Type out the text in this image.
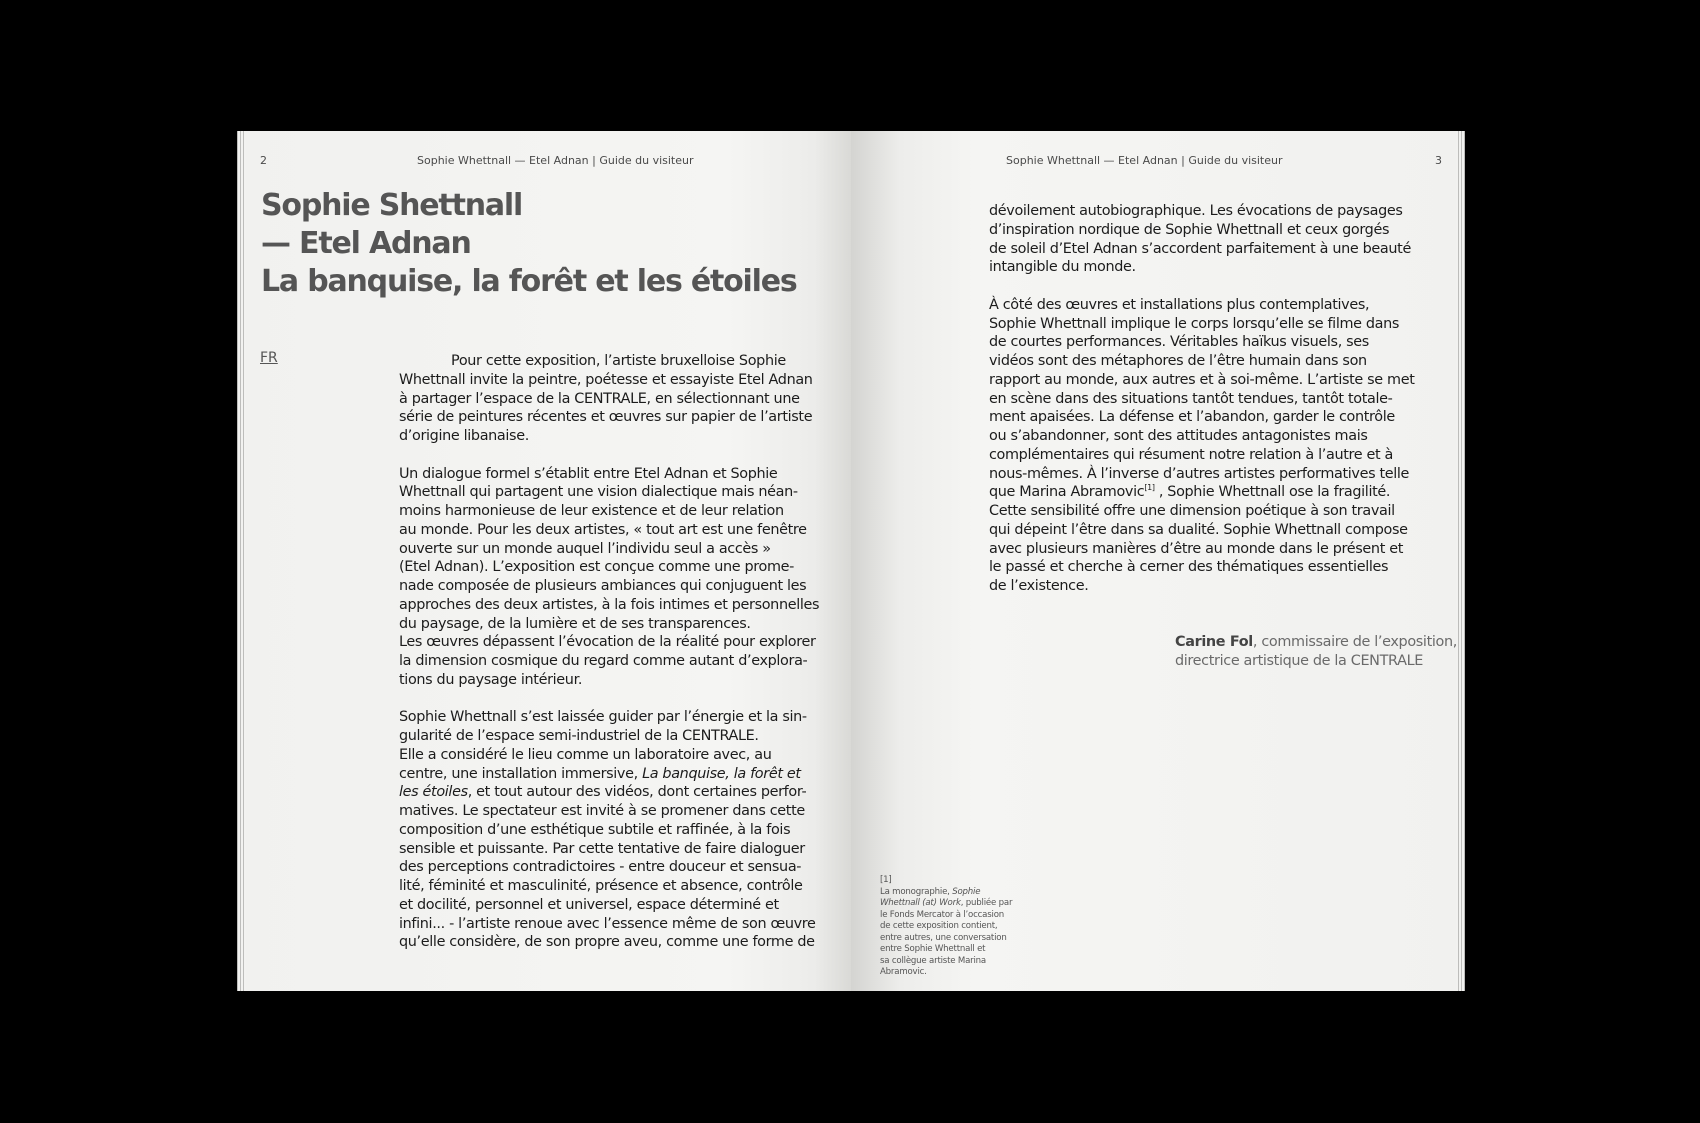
2	Sophie Whettnall — Etel Adnan | Guide du visiteur
Sophie Shettnall
— Etel Adnan
La banquise, la forêt et les étoiles
FR	Pour cette exposition, l’artiste bruxelloise Sophie
Whettnall invite la peintre, poétesse et essayiste Etel Adnan
à partager l’espace de la CENTRALE, en sélectionnant une
série de peintures récentes et œuvres sur papier de l’artiste
d’origine libanaise.

Un dialogue formel s’établit entre Etel Adnan et Sophie
Whettnall qui partagent une vision dialectique mais néan-
moins harmonieuse de leur existence et de leur relation
au monde. Pour les deux artistes, « tout art est une fenêtre
ouverte sur un monde auquel l’individu seul a accès »
(Etel Adnan). L’exposition est conçue comme une prome-
nade composée de plusieurs ambiances qui conjuguent les
approches des deux artistes, à la fois intimes et personnelles
du paysage, de la lumière et de ses transparences.
Les œuvres dépassent l’évocation de la réalité pour explorer
la dimension cosmique du regard comme autant d’explora-
tions du paysage intérieur.

Sophie Whettnall s’est laissée guider par l’énergie et la sin-
gularité de l’espace semi-industriel de la CENTRALE.
Elle a considéré le lieu comme un laboratoire avec, au
centre, une installation immersive, La banquise, la forêt et
les étoiles, et tout autour des vidéos, dont certaines perfor-
matives. Le spectateur est invité à se promener dans cette
composition d’une esthétique subtile et raffinée, à la fois
sensible et puissante. Par cette tentative de faire dialoguer
des perceptions contradictoires - entre douceur et sensua-
lité, féminité et masculinité, présence et absence, contrôle
et docilité, personnel et universel, espace déterminé et
infini... - l’artiste renoue avec l’essence même de son œuvre
qu’elle considère, de son propre aveu, comme une forme de

Sophie Whettnall — Etel Adnan | Guide du visiteur	3

dévoilement autobiographique. Les évocations de paysages
d’inspiration nordique de Sophie Whettnall et ceux gorgés
de soleil d’Etel Adnan s’accordent parfaitement à une beauté
intangible du monde.

À côté des œuvres et installations plus contemplatives,
Sophie Whettnall implique le corps lorsqu’elle se filme dans
de courtes performances. Véritables haïkus visuels, ses
vidéos sont des métaphores de l’être humain dans son
rapport au monde, aux autres et à soi-même. L’artiste se met
en scène dans des situations tantôt tendues, tantôt totale-
ment apaisées. La défense et l’abandon, garder le contrôle
ou s’abandonner, sont des attitudes antagonistes mais
complémentaires qui résument notre relation à l’autre et à
nous-mêmes. À l’inverse d’autres artistes performatives telle
que Marina Abramovic[1] , Sophie Whettnall ose la fragilité.
Cette sensibilité offre une dimension poétique à son travail
qui dépeint l’être dans sa dualité. Sophie Whettnall compose
avec plusieurs manières d’être au monde dans le présent et
le passé et cherche à cerner des thématiques essentielles
de l’existence.

Carine Fol, commissaire de l’exposition,
directrice artistique de la CENTRALE
[1]
La monographie, Sophie
Whettnall (at) Work, publiée par
le Fonds Mercator à l’occasion
de cette exposition contient,
entre autres, une conversation
entre Sophie Whettnall et
sa collègue artiste Marina
Abramovic.
